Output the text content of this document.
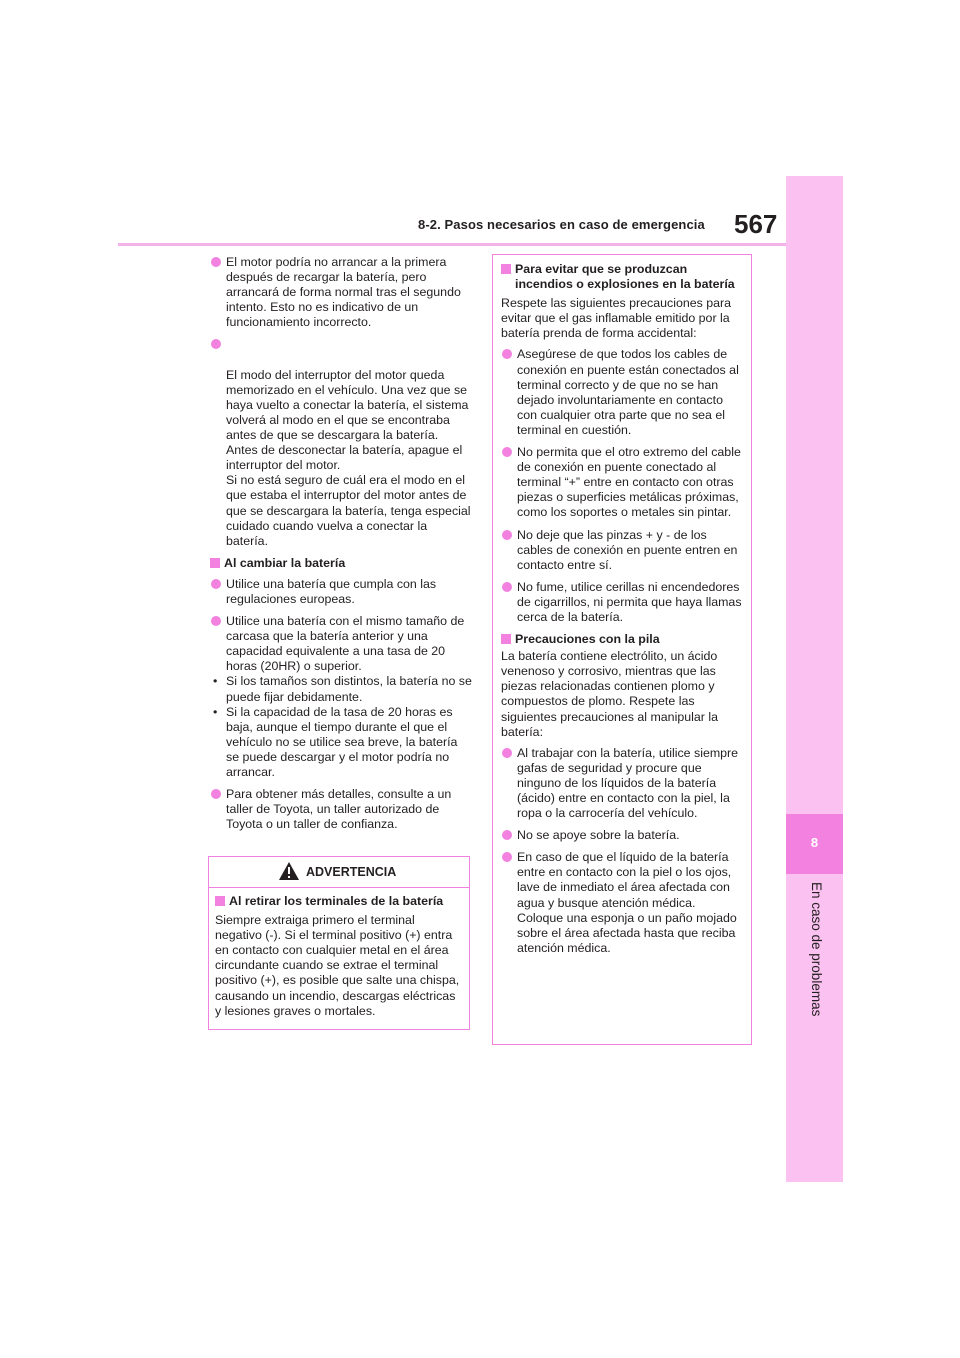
8-2. Pasos necesarios en caso de emergencia 567
8
En caso de problemas
El motor podría no arrancar a la primera después de recargar la batería, pero arrancará de forma normal tras el segundo intento. Esto no es indicativo de un funcionamiento incorrecto.

El modo del interruptor del motor queda memorizado en el vehículo. Una vez que se haya vuelto a conectar la batería, el sistema volverá al modo en el que se encontraba antes de que se descargara la batería. Antes de desconectar la batería, apague el interruptor del motor.
Si no está seguro de cuál era el modo en el que estaba el interruptor del motor antes de que se descargara la batería, tenga especial cuidado cuando vuelva a conectar la batería.

Al cambiar la batería
Utilice una batería que cumpla con las regulaciones europeas.
Utilice una batería con el mismo tamaño de carcasa que la batería anterior y una capacidad equivalente a una tasa de 20 horas (20HR) o superior.
• Si los tamaños son distintos, la batería no se puede fijar debidamente.
• Si la capacidad de la tasa de 20 horas es baja, aunque el tiempo durante el que el vehículo no se utilice sea breve, la batería se puede descargar y el motor podría no arrancar.
Para obtener más detalles, consulte a un taller de Toyota, un taller autorizado de Toyota o un taller de confianza.
ADVERTENCIA
Al retirar los terminales de la batería
Siempre extraiga primero el terminal negativo (-). Si el terminal positivo (+) entra en contacto con cualquier metal en el área circundante cuando se extrae el terminal positivo (+), es posible que salte una chispa, causando un incendio, descargas eléctricas y lesiones graves o mortales.
Para evitar que se produzcan incendios o explosiones en la batería
Respete las siguientes precauciones para evitar que el gas inflamable emitido por la batería prenda de forma accidental:
Asegúrese de que todos los cables de conexión en puente están conectados al terminal correcto y de que no se han dejado involuntariamente en contacto con cualquier otra parte que no sea el terminal en cuestión.
No permita que el otro extremo del cable de conexión en puente conectado al terminal “+” entre en contacto con otras piezas o superficies metálicas próximas, como los soportes o metales sin pintar.
No deje que las pinzas + y - de los cables de conexión en puente entren en contacto entre sí.
No fume, utilice cerillas ni encendedores de cigarrillos, ni permita que haya llamas cerca de la batería.
Precauciones con la pila
La batería contiene electrólito, un ácido venenoso y corrosivo, mientras que las piezas relacionadas contienen plomo y compuestos de plomo. Respete las siguientes precauciones al manipular la batería:
Al trabajar con la batería, utilice siempre gafas de seguridad y procure que ninguno de los líquidos de la batería (ácido) entre en contacto con la piel, la ropa o la carrocería del vehículo.
No se apoye sobre la batería.
En caso de que el líquido de la batería entre en contacto con la piel o los ojos, lave de inmediato el área afectada con agua y busque atención médica. Coloque una esponja o un paño mojado sobre el área afectada hasta que reciba atención médica.
